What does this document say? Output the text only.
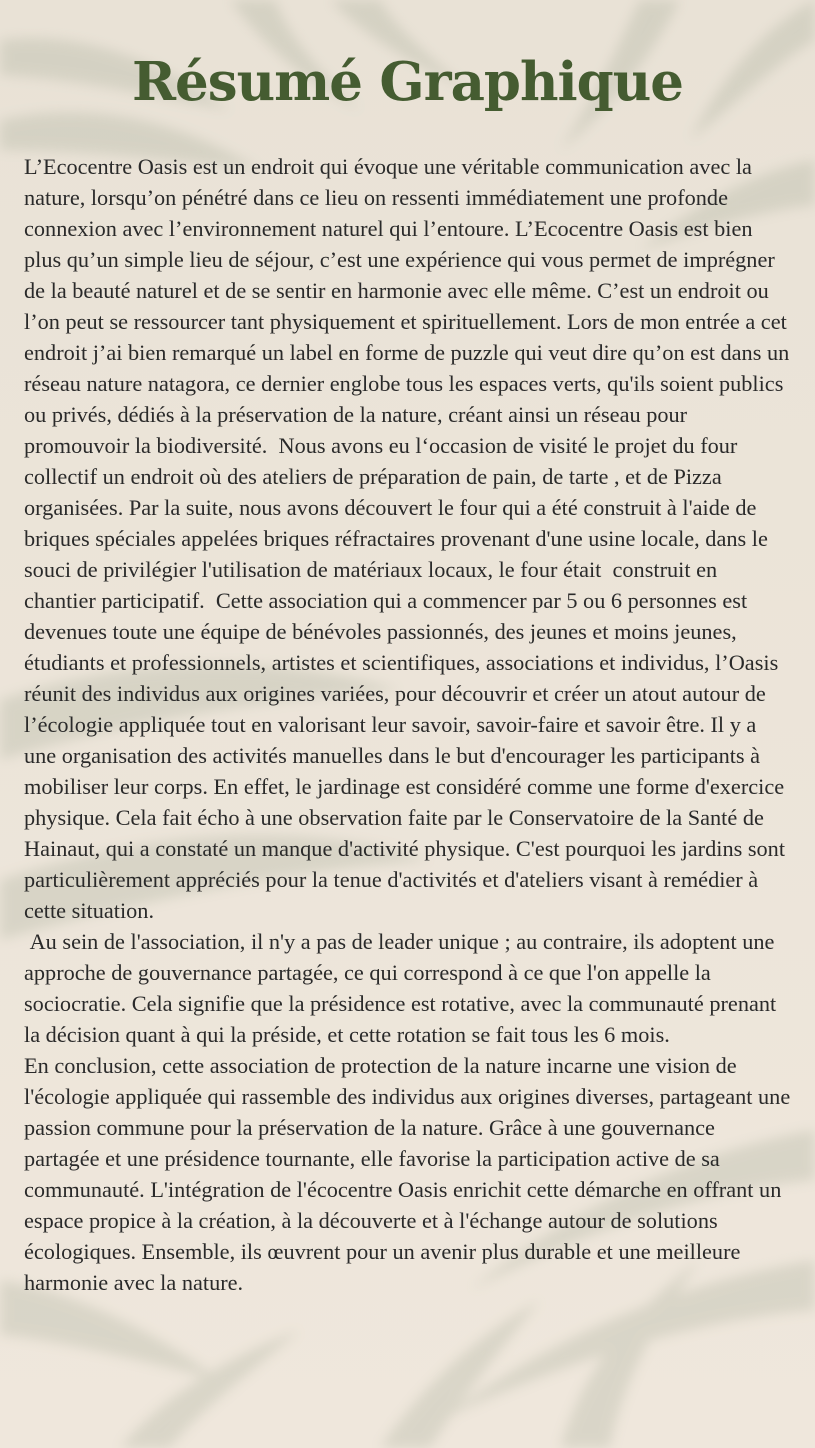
Résumé Graphique

L’Ecocentre Oasis est un endroit qui évoque une véritable communication avec la nature, lorsqu’on pénétré dans ce lieu on ressenti immédiatement une profonde connexion avec l’environnement naturel qui l’entoure. L’Ecocentre Oasis est bien plus qu’un simple lieu de séjour, c’est une expérience qui vous permet de imprégner de la beauté naturel et de se sentir en harmonie avec elle même. C’est un endroit ou l’on peut se ressourcer tant physiquement et spirituellement. Lors de mon entrée a cet endroit j’ai bien remarqué un label en forme de puzzle qui veut dire qu’on est dans un réseau nature natagora, ce dernier englobe tous les espaces verts, qu'ils soient publics ou privés, dédiés à la préservation de la nature, créant ainsi un réseau pour promouvoir la biodiversité.  Nous avons eu l‘occasion de visité le projet du four collectif un endroit où des ateliers de préparation de pain, de tarte , et de Pizza organisées. Par la suite, nous avons découvert le four qui a été construit à l'aide de briques spéciales appelées briques réfractaires provenant d'une usine locale, dans le souci de privilégier l'utilisation de matériaux locaux, le four était  construit en chantier participatif.  Cette association qui a commencer par 5 ou 6 personnes est devenues toute une équipe de bénévoles passionnés, des jeunes et moins jeunes, étudiants et professionnels, artistes et scientifiques, associations et individus, l’Oasis réunit des individus aux origines variées, pour découvrir et créer un atout autour de l’écologie appliquée tout en valorisant leur savoir, savoir-faire et savoir être. Il y a une organisation des activités manuelles dans le but d'encourager les participants à mobiliser leur corps. En effet, le jardinage est considéré comme une forme d'exercice physique. Cela fait écho à une observation faite par le Conservatoire de la Santé de Hainaut, qui a constaté un manque d'activité physique. C'est pourquoi les jardins sont particulièrement appréciés pour la tenue d'activités et d'ateliers visant à remédier à cette situation.
Au sein de l'association, il n'y a pas de leader unique ; au contraire, ils adoptent une approche de gouvernance partagée, ce qui correspond à ce que l'on appelle la sociocratie. Cela signifie que la présidence est rotative, avec la communauté prenant la décision quant à qui la préside, et cette rotation se fait tous les 6 mois.
En conclusion, cette association de protection de la nature incarne une vision de l'écologie appliquée qui rassemble des individus aux origines diverses, partageant une passion commune pour la préservation de la nature. Grâce à une gouvernance partagée et une présidence tournante, elle favorise la participation active de sa communauté. L'intégration de l'écocentre Oasis enrichit cette démarche en offrant un espace propice à la création, à la découverte et à l'échange autour de solutions écologiques. Ensemble, ils œuvrent pour un avenir plus durable et une meilleure harmonie avec la nature.
